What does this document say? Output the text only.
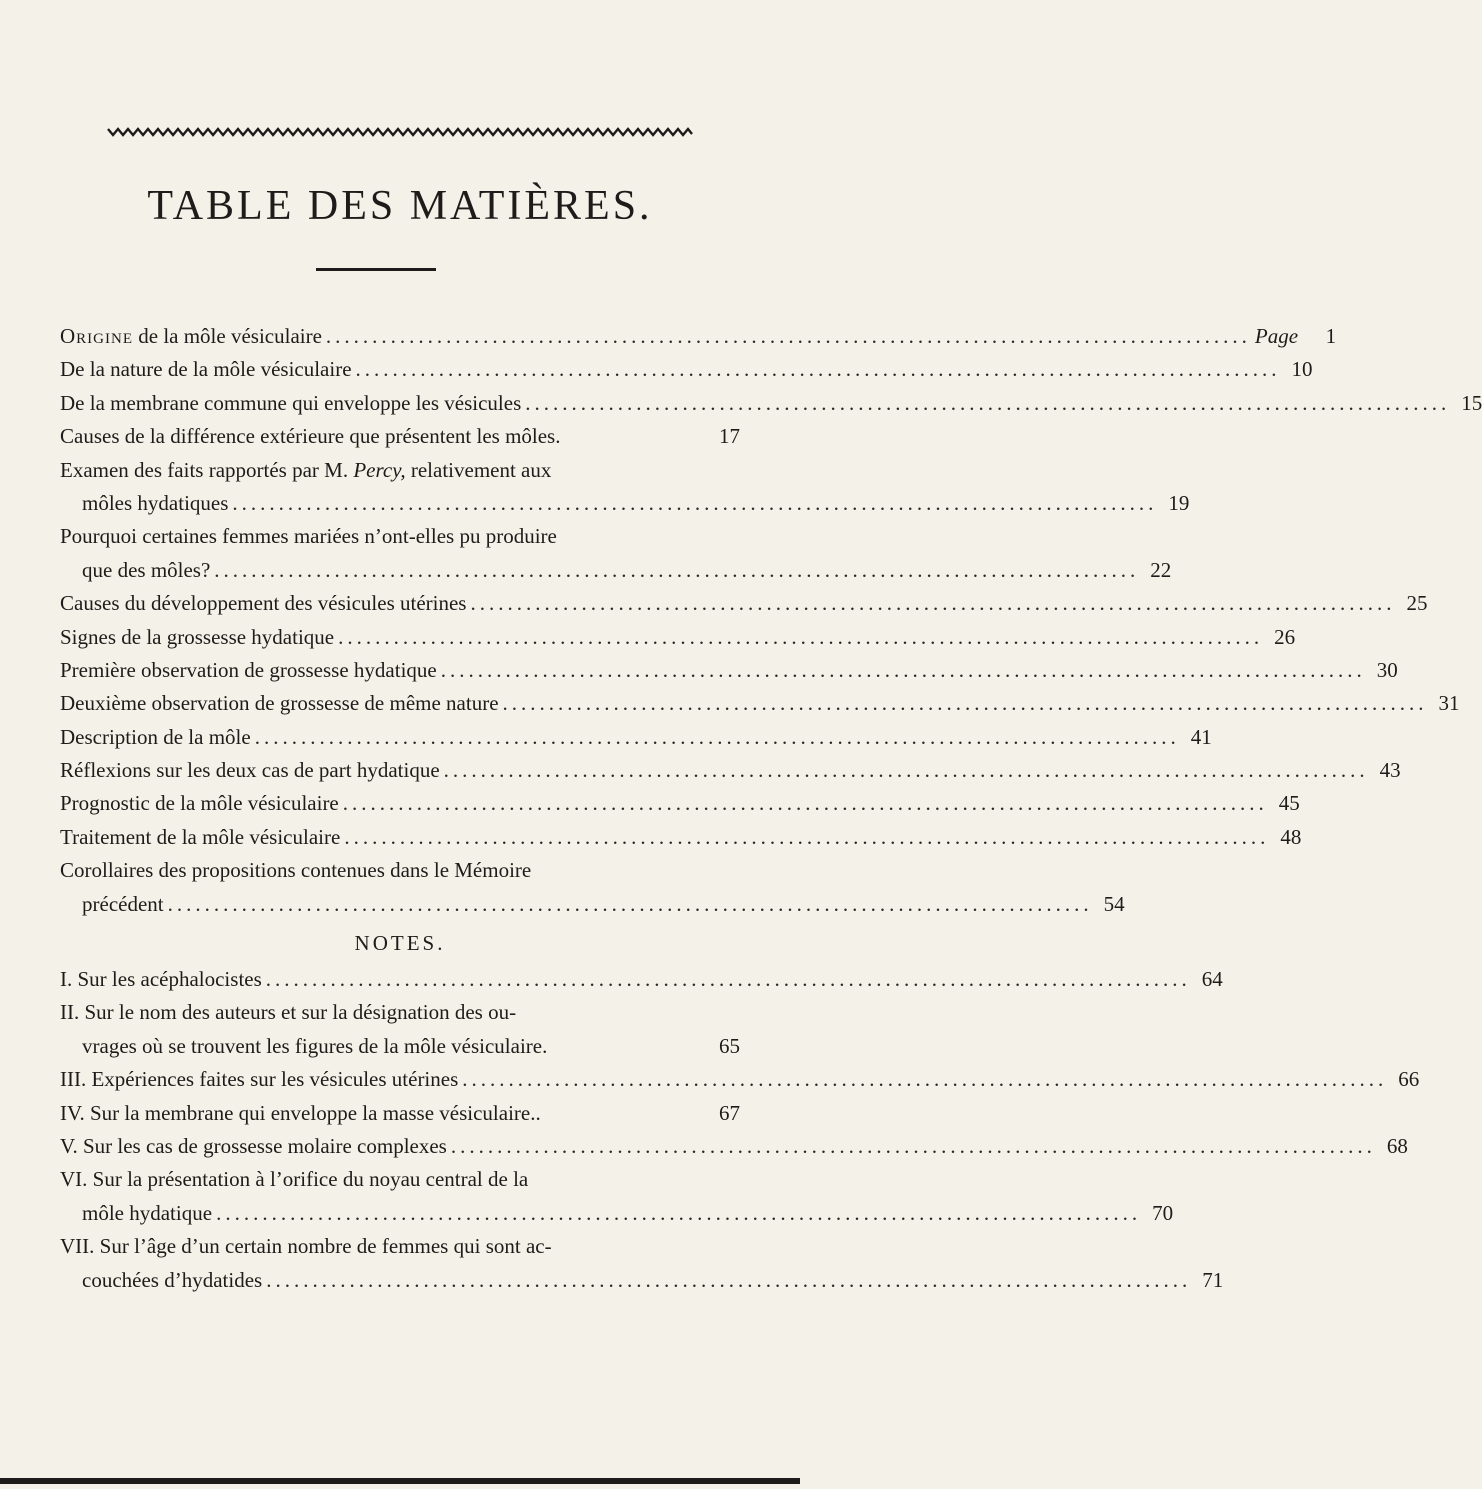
TABLE DES MATIÈRES.
Origine de la môle vésiculaire .................................................................................................... Page	1
De la nature de la môle vésiculaire .................................................................................................... 10
De la membrane commune qui enveloppe les vésicules .................................................................................................... 15
Causes de la différence extérieure que présentent les môles.	17
Examen des faits rapportés par M. Percy, relativement aux
môles hydatiques .................................................................................................... 19
Pourquoi certaines femmes mariées n’ont-elles pu produire
que des môles? .................................................................................................... 22
Causes du développement des vésicules utérines .................................................................................................... 25
Signes de la grossesse hydatique .................................................................................................... 26
Première observation de grossesse hydatique .................................................................................................... 30
Deuxième observation de grossesse de même nature .................................................................................................... 31
Description de la môle .................................................................................................... 41
Réflexions sur les deux cas de part hydatique .................................................................................................... 43
Prognostic de la môle vésiculaire .................................................................................................... 45
Traitement de la môle vésiculaire .................................................................................................... 48
Corollaires des propositions contenues dans le Mémoire
précédent .................................................................................................... 54
NOTES.
I. Sur les acéphalocistes .................................................................................................... 64
II. Sur le nom des auteurs et sur la désignation des ou-
vrages où se trouvent les figures de la môle vésiculaire.	65
III. Expériences faites sur les vésicules utérines .................................................................................................... 66
IV. Sur la membrane qui enveloppe la masse vésiculaire..	67
V. Sur les cas de grossesse molaire complexes .................................................................................................... 68
VI. Sur la présentation à l’orifice du noyau central de la
môle hydatique .................................................................................................... 70
VII. Sur l’âge d’un certain nombre de femmes qui sont ac-
couchées d’hydatides .................................................................................................... 71
